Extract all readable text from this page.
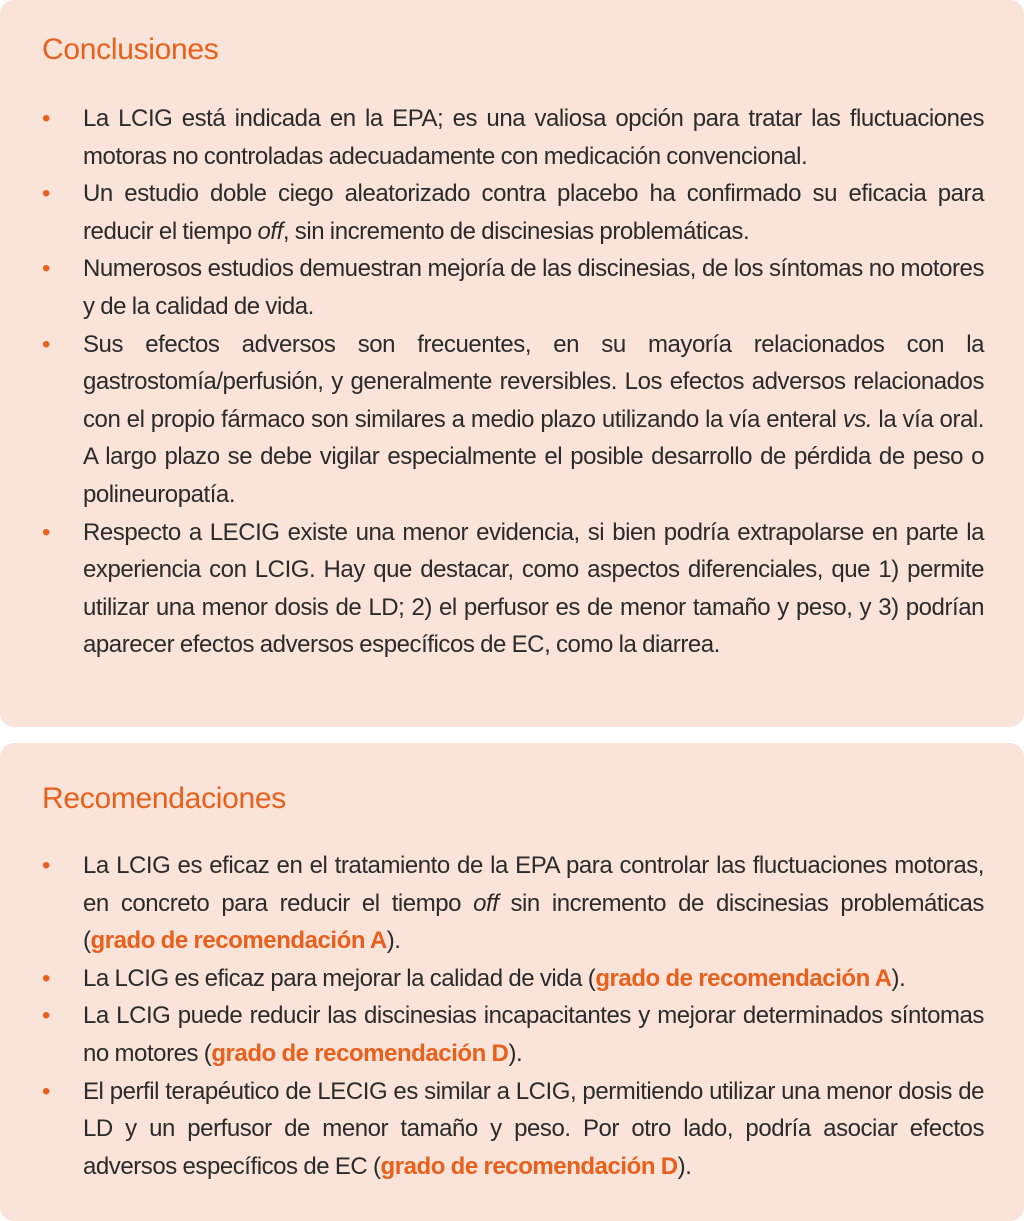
Conclusiones
• La LCIG está indicada en la EPA; es una valiosa opción para tratar las fluctuaciones motoras no controladas adecuadamente con medicación convencional.
• Un estudio doble ciego aleatorizado contra placebo ha confirmado su eficacia para reducir el tiempo off, sin incremento de discinesias problemáticas.
• Numerosos estudios demuestran mejoría de las discinesias, de los síntomas no motores y de la calidad de vida.
• Sus efectos adversos son frecuentes, en su mayoría relacionados con la gastrostomía/perfusión, y generalmente reversibles. Los efectos adversos relacionados con el propio fármaco son similares a medio plazo utilizando la vía enteral vs. la vía oral. A largo plazo se debe vigilar especialmente el posible desarrollo de pérdida de peso o polineuropatía.
• Respecto a LECIG existe una menor evidencia, si bien podría extrapolarse en parte la experiencia con LCIG. Hay que destacar, como aspectos diferenciales, que 1) permite utilizar una menor dosis de LD; 2) el perfusor es de menor tamaño y peso, y 3) podrían aparecer efectos adversos específicos de EC, como la diarrea.
Recomendaciones
• La LCIG es eficaz en el tratamiento de la EPA para controlar las fluctuaciones motoras, en concreto para reducir el tiempo off sin incremento de discinesias problemáticas (grado de recomendación A).
• La LCIG es eficaz para mejorar la calidad de vida (grado de recomendación A).
• La LCIG puede reducir las discinesias incapacitantes y mejorar determinados síntomas no motores (grado de recomendación D).
• El perfil terapéutico de LECIG es similar a LCIG, permitiendo utilizar una menor dosis de LD y un perfusor de menor tamaño y peso. Por otro lado, podría asociar efectos adversos específicos de EC (grado de recomendación D).
